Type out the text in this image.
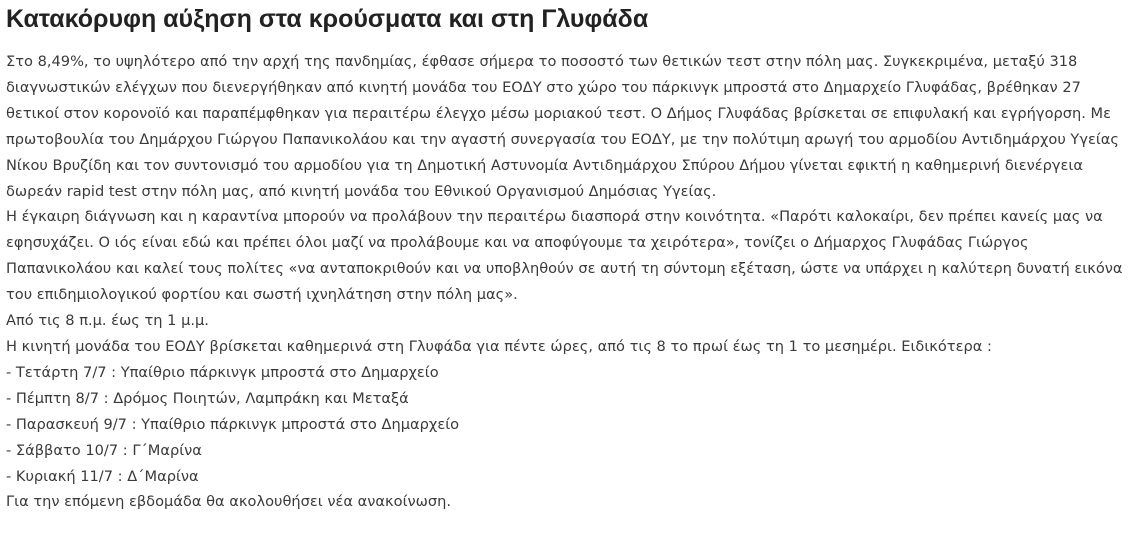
Κατακόρυφη αύξηση στα κρούσματα και στη Γλυφάδα

Στο 8,49%, το υψηλότερο από την αρχή της πανδημίας, έφθασε σήμερα το ποσοστό των θετικών τεστ στην πόλη μας. Συγκεκριμένα, μεταξύ 318 διαγνωστικών ελέγχων που διενεργήθηκαν από κινητή μονάδα του ΕΟΔΥ στο χώρο του πάρκινγκ μπροστά στο Δημαρχείο Γλυφάδας, βρέθηκαν 27 θετικοί στον κορονοϊό και παραπέμφθηκαν για περαιτέρω έλεγχο μέσω μοριακού τεστ. Ο Δήμος Γλυφάδας βρίσκεται σε επιφυλακή και εγρήγορση. Με πρωτοβουλία του Δημάρχου Γιώργου Παπανικολάου και την αγαστή συνεργασία του ΕΟΔΥ, με την πολύτιμη αρωγή του αρμοδίου Αντιδημάρχου Υγείας Νίκου Βρυζίδη και τον συντονισμό του αρμοδίου για τη Δημοτική Αστυνομία Αντιδημάρχου Σπύρου Δήμου γίνεται εφικτή η καθημερινή διενέργεια δωρεάν rapid test στην πόλη μας, από κινητή μονάδα του Εθνικού Οργανισμού Δημόσιας Υγείας.

Η έγκαιρη διάγνωση και η καραντίνα μπορούν να προλάβουν την περαιτέρω διασπορά στην κοινότητα. «Παρότι καλοκαίρι, δεν πρέπει κανείς μας να εφησυχάζει. Ο ιός είναι εδώ και πρέπει όλοι μαζί να προλάβουμε και να αποφύγουμε τα χειρότερα», τονίζει ο Δήμαρχος Γλυφάδας Γιώργος Παπανικολάου και καλεί τους πολίτες «να ανταποκριθούν και να υποβληθούν σε αυτή τη σύντομη εξέταση, ώστε να υπάρχει η καλύτερη δυνατή εικόνα του επιδημιολογικού φορτίου και σωστή ιχνηλάτηση στην πόλη μας».

Από τις 8 π.μ. έως τη 1 μ.μ.

Η κινητή μονάδα του ΕΟΔΥ βρίσκεται καθημερινά στη Γλυφάδα για πέντε ώρες, από τις 8 το πρωί έως τη 1 το μεσημέρι. Ειδικότερα :

- Τετάρτη 7/7 : Υπαίθριο πάρκινγκ μπροστά στο Δημαρχείο

- Πέμπτη 8/7 : Δρόμος Ποιητών, Λαμπράκη και Μεταξά

- Παρασκευή 9/7 : Υπαίθριο πάρκινγκ μπροστά στο Δημαρχείο

- Σάββατο 10/7 : Γ΄Μαρίνα

- Κυριακή 11/7 : Δ΄Μαρίνα

Για την επόμενη εβδομάδα θα ακολουθήσει νέα ανακοίνωση.
